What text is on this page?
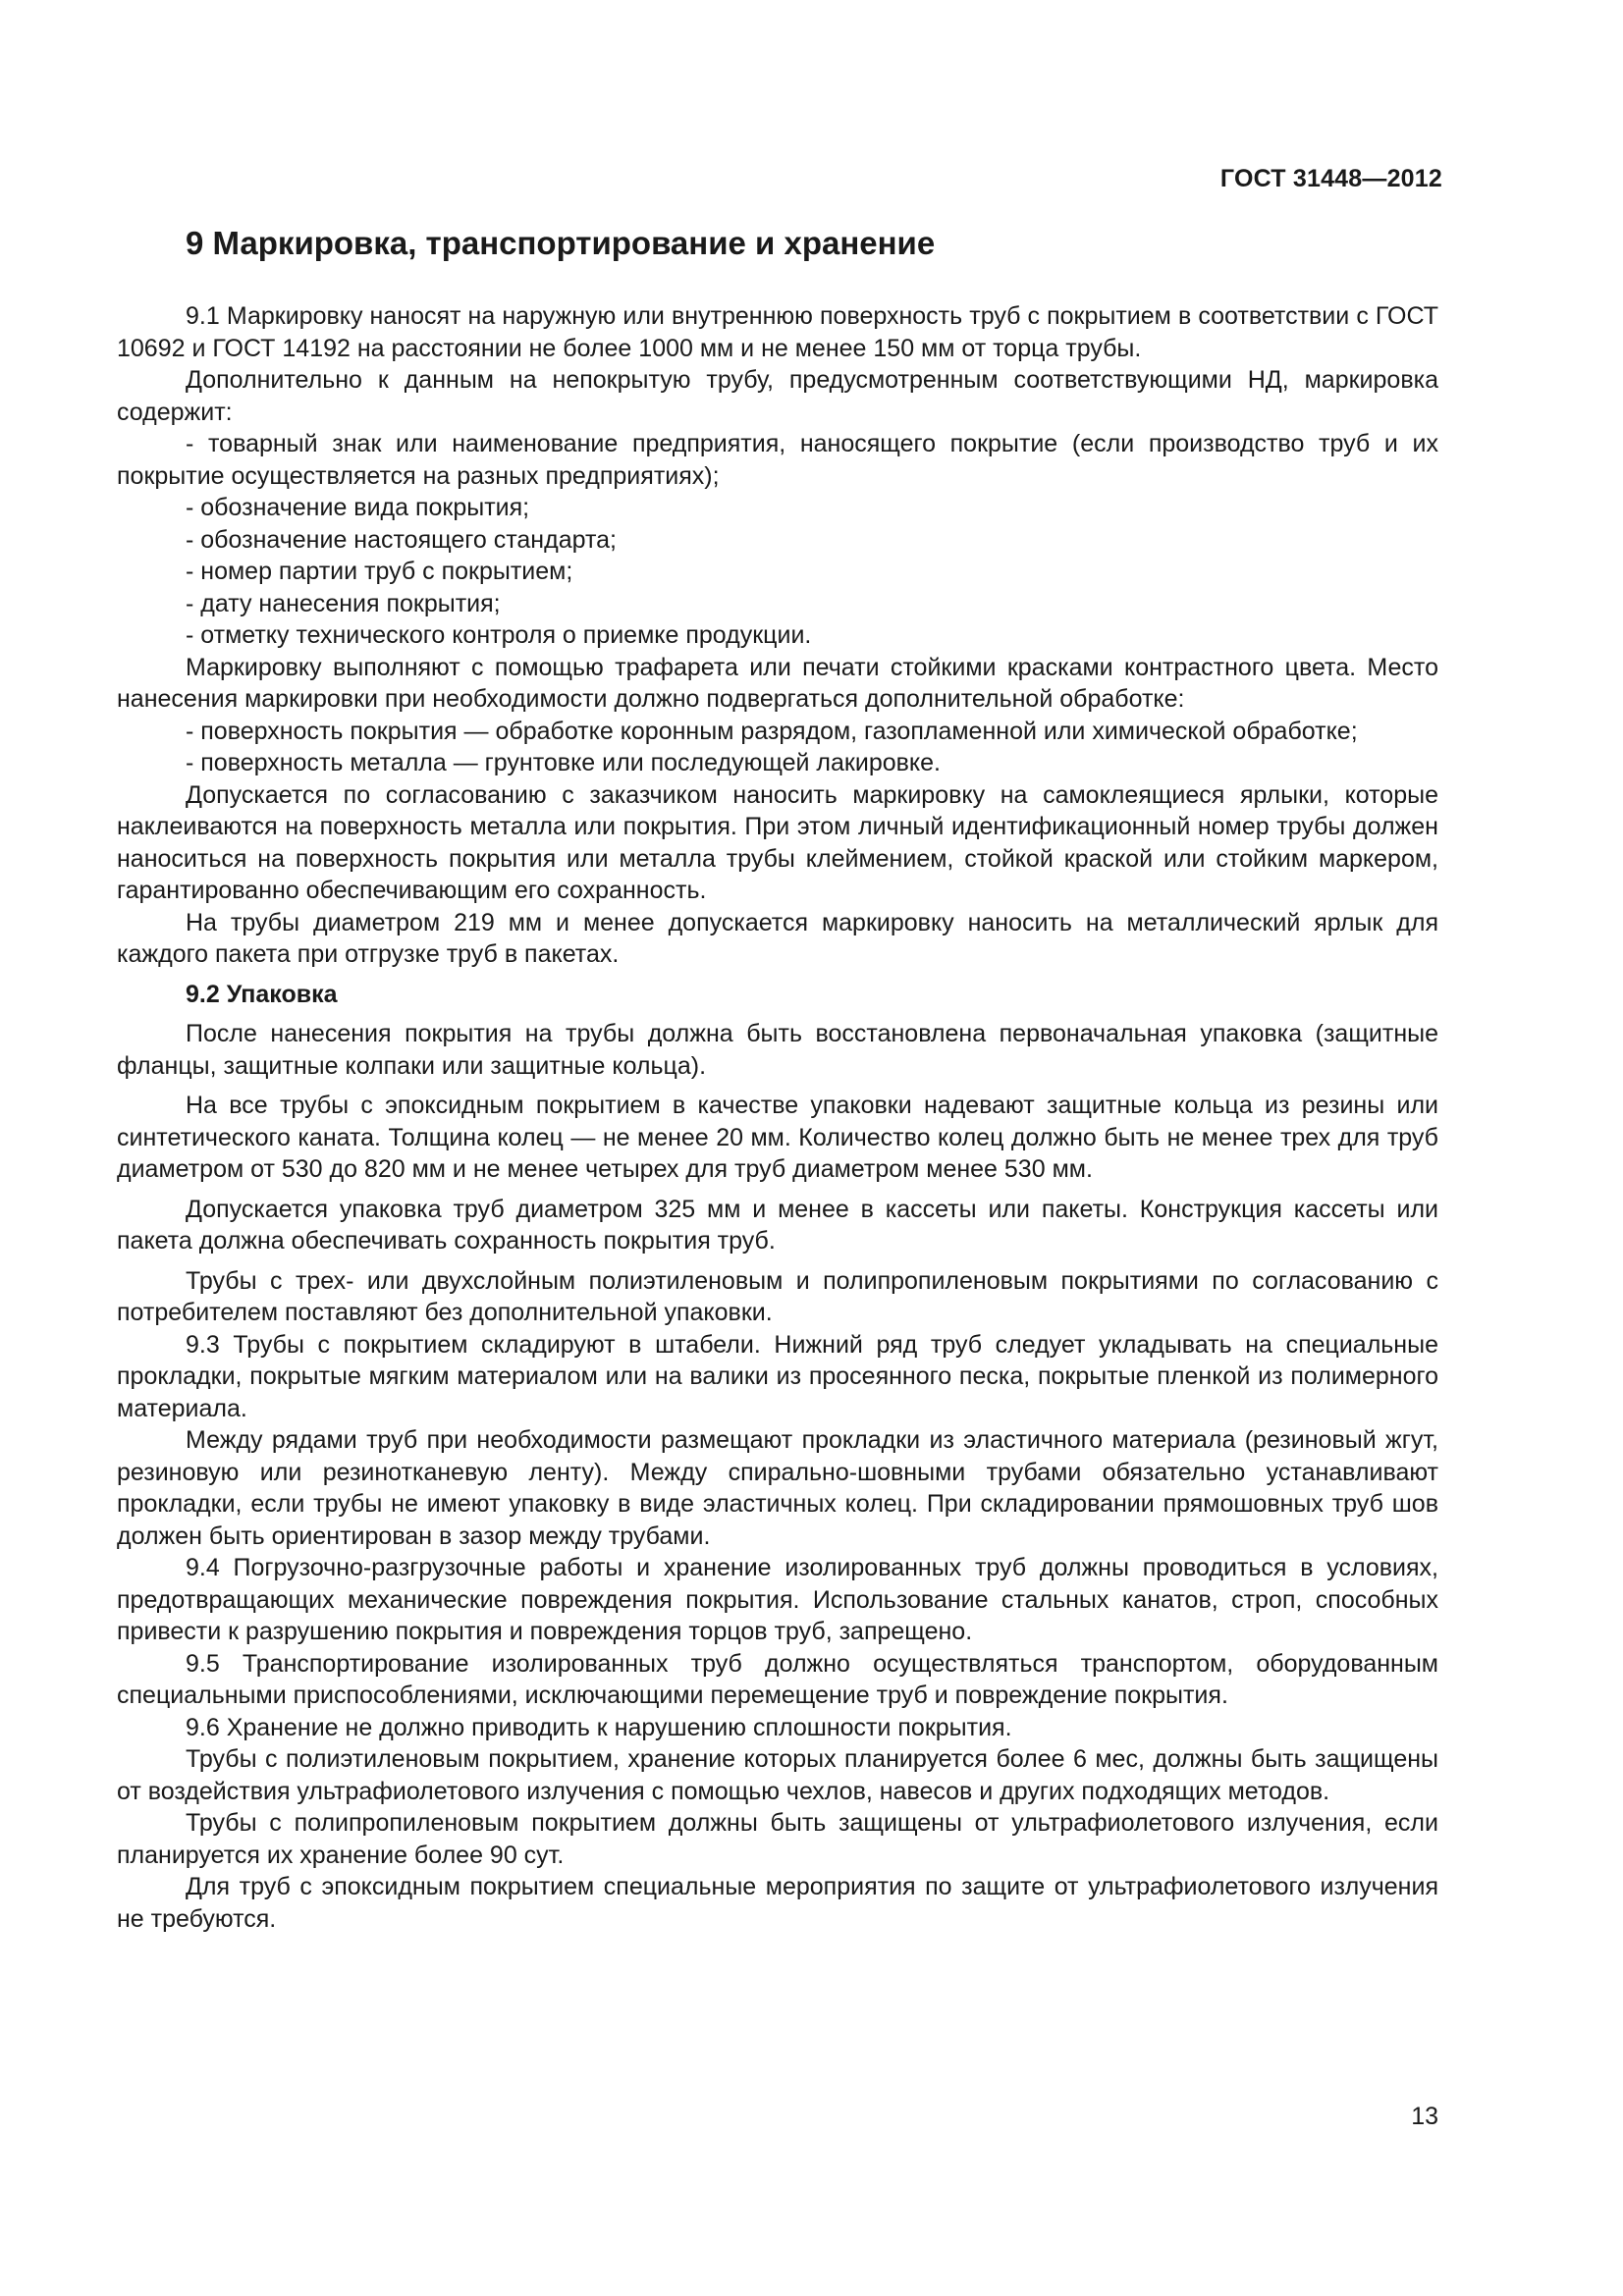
ГОСТ 31448—2012
9 Маркировка, транспортирование и хранение

9.1 Маркировку наносят на наружную или внутреннюю поверхность труб с покрытием в соответствии с ГОСТ 10692 и ГОСТ 14192 на расстоянии не более 1000 мм и не менее 150 мм от торца трубы.

Дополнительно к данным на непокрытую трубу, предусмотренным соответствующими НД, маркировка содержит:

- товарный знак или наименование предприятия, наносящего покрытие (если производство труб и их покрытие осуществляется на разных предприятиях);

- обозначение вида покрытия;

- обозначение настоящего стандарта;

- номер партии труб с покрытием;

- дату нанесения покрытия;

- отметку технического контроля о приемке продукции.

Маркировку выполняют с помощью трафарета или печати стойкими красками контрастного цвета. Место нанесения маркировки при необходимости должно подвергаться дополнительной обработке:

- поверхность покрытия — обработке коронным разрядом, газопламенной или химической обработке;

- поверхность металла — грунтовке или последующей лакировке.

Допускается по согласованию с заказчиком наносить маркировку на самоклеящиеся ярлыки, которые наклеиваются на поверхность металла или покрытия. При этом личный идентификационный номер трубы должен наноситься на поверхность покрытия или металла трубы клеймением, стойкой краской или стойким маркером, гарантированно обеспечивающим его сохранность.

На трубы диаметром 219 мм и менее допускается маркировку наносить на металлический ярлык для каждого пакета при отгрузке труб в пакетах.

9.2 Упаковка

После нанесения покрытия на трубы должна быть восстановлена первоначальная упаковка (защитные фланцы, защитные колпаки или защитные кольца).

На все трубы с эпоксидным покрытием в качестве упаковки надевают защитные кольца из резины или синтетического каната. Толщина колец — не менее 20 мм. Количество колец должно быть не менее трех для труб диаметром от 530 до 820 мм и не менее четырех для труб диаметром менее 530 мм.

Допускается упаковка труб диаметром 325 мм и менее в кассеты или пакеты. Конструкция кассеты или пакета должна обеспечивать сохранность покрытия труб.

Трубы с трех- или двухслойным полиэтиленовым и полипропиленовым покрытиями по согласованию с потребителем поставляют без дополнительной упаковки.

9.3 Трубы с покрытием складируют в штабели. Нижний ряд труб следует укладывать на специальные прокладки, покрытые мягким материалом или на валики из просеянного песка, покрытые пленкой из полимерного материала.

Между рядами труб при необходимости размещают прокладки из эластичного материала (резиновый жгут, резиновую или резинотканевую ленту). Между спирально-шовными трубами обязательно устанавливают прокладки, если трубы не имеют упаковку в виде эластичных колец. При складировании прямошовных труб шов должен быть ориентирован в зазор между трубами.

9.4 Погрузочно-разгрузочные работы и хранение изолированных труб должны проводиться в условиях, предотвращающих механические повреждения покрытия. Использование стальных канатов, строп, способных привести к разрушению покрытия и повреждения торцов труб, запрещено.

9.5 Транспортирование изолированных труб должно осуществляться транспортом, оборудованным специальными приспособлениями, исключающими перемещение труб и повреждение покрытия.

9.6 Хранение не должно приводить к нарушению сплошности покрытия.

Трубы с полиэтиленовым покрытием, хранение которых планируется более 6 мес, должны быть защищены от воздействия ультрафиолетового излучения с помощью чехлов, навесов и других подходящих методов.

Трубы с полипропиленовым покрытием должны быть защищены от ультрафиолетового излучения, если планируется их хранение более 90 сут.

Для труб с эпоксидным покрытием специальные мероприятия по защите от ультрафиолетового излучения не требуются.

13
